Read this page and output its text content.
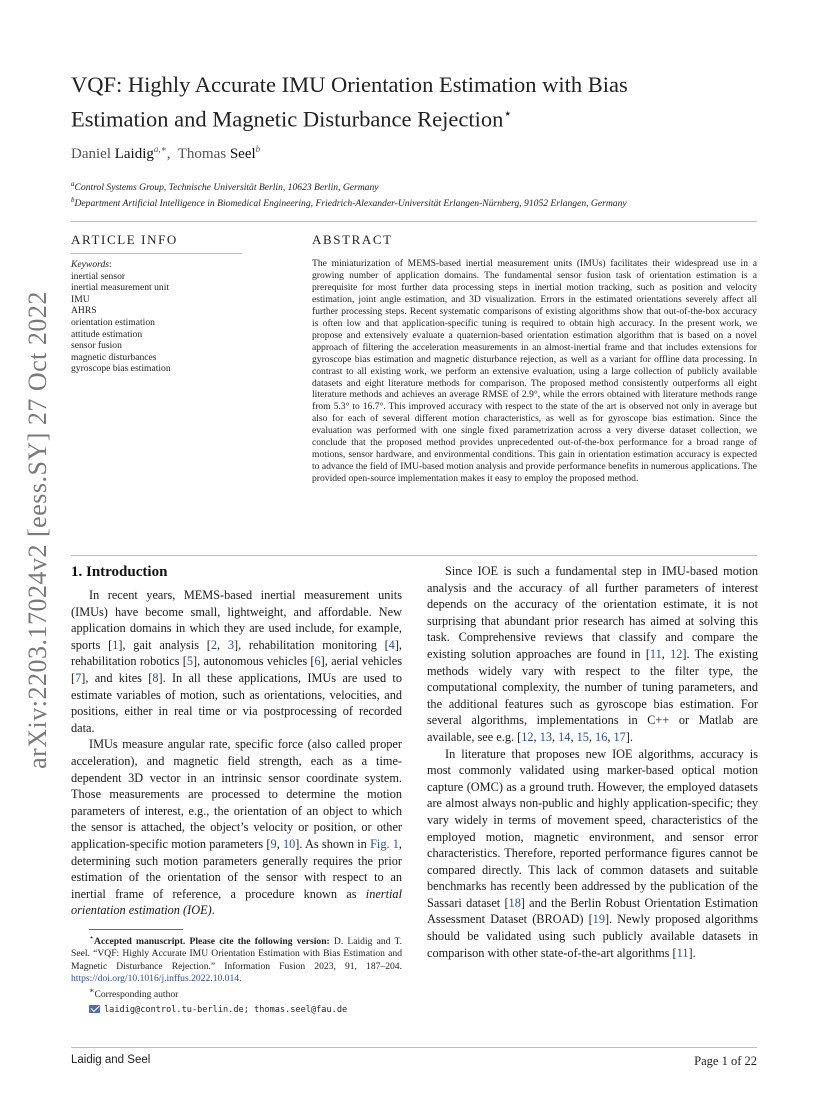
arXiv:2203.17024v2 [eess.SY] 27 Oct 2022
VQF: Highly Accurate IMU Orientation Estimation with Bias
Estimation and Magnetic Disturbance Rejection⋆
Daniel Laidig$^{a,∗}$,  Thomas Seel$^b$
$^a$Control Systems Group, Technische Universität Berlin, 10623 Berlin, Germany
$^b$Department Artificial Intelligence in Biomedical Engineering, Friedrich-Alexander-Universität Erlangen-Nürnberg, 91052 Erlangen, Germany
ARTICLE INFO
Keywords:
inertial sensor
inertial measurement unit
IMU
AHRS
orientation estimation
attitude estimation
sensor fusion
magnetic disturbances
gyroscope bias estimation
ABSTRACT

The miniaturization of MEMS-based inertial measurement units (IMUs) facilitates their widespread use in a growing number of application domains. The fundamental sensor fusion task of orientation estimation is a prerequisite for most further data processing steps in inertial motion tracking, such as position and velocity estimation, joint angle estimation, and 3D visualization. Errors in the estimated orientations severely affect all further processing steps. Recent systematic comparisons of existing algorithms show that out-of-the-box accuracy is often low and that application-specific tuning is required to obtain high accuracy. In the present work, we propose and extensively evaluate a quaternion-based orientation estimation algorithm that is based on a novel approach of filtering the acceleration measurements in an almost-inertial frame and that includes extensions for gyroscope bias estimation and magnetic disturbance rejection, as well as a variant for offline data processing. In contrast to all existing work, we perform an extensive evaluation, using a large collection of publicly available datasets and eight literature methods for comparison. The proposed method consistently outperforms all eight literature methods and achieves an average RMSE of 2.9°, while the errors obtained with literature methods range from 5.3° to 16.7°. This improved accuracy with respect to the state of the art is observed not only in average but also for each of several different motion characteristics, as well as for gyroscope bias estimation. Since the evaluation was performed with one single fixed parametrization across a very diverse dataset collection, we conclude that the proposed method provides unprecedented out-of-the-box performance for a broad range of motions, sensor hardware, and environmental conditions. This gain in orientation estimation accuracy is expected to advance the field of IMU-based motion analysis and provide performance benefits in numerous applications. The provided open-source implementation makes it easy to employ the proposed method.

1. Introduction

In recent years, MEMS-based inertial measurement units (IMUs) have become small, lightweight, and affordable. New application domains in which they are used include, for example, sports [1], gait analysis [2, 3], rehabilitation monitoring [4], rehabilitation robotics [5], autonomous vehicles [6], aerial vehicles [7], and kites [8]. In all these applications, IMUs are used to estimate variables of motion, such as orientations, velocities, and positions, either in real time or via postprocessing of recorded data.

IMUs measure angular rate, specific force (also called proper acceleration), and magnetic field strength, each as a time-dependent 3D vector in an intrinsic sensor coordinate system. Those measurements are processed to determine the motion parameters of interest, e.g., the orientation of an object to which the sensor is attached, the object’s velocity or position, or other application-specific motion parameters [9, 10]. As shown in Fig. 1, determining such motion parameters generally requires the prior estimation of the orientation of the sensor with respect to an inertial frame of reference, a procedure known as inertial orientation estimation (IOE).

⋆Accepted manuscript. Please cite the following version: D. Laidig and T. Seel. “VQF: Highly Accurate IMU Orientation Estimation with Bias Estimation and Magnetic Disturbance Rejection.” Information Fusion 2023, 91, 187–204. https://doi.org/10.1016/j.inffus.2022.10.014.

∗Corresponding author

laidig@control.tu-berlin.de; thomas.seel@fau.de

Since IOE is such a fundamental step in IMU-based motion analysis and the accuracy of all further parameters of interest depends on the accuracy of the orientation estimate, it is not surprising that abundant prior research has aimed at solving this task. Comprehensive reviews that classify and compare the existing solution approaches are found in [11, 12]. The existing methods widely vary with respect to the filter type, the computational complexity, the number of tuning parameters, and the additional features such as gyroscope bias estimation. For several algorithms, implementations in C++ or Matlab are available, see e.g. [12, 13, 14, 15, 16, 17].

In literature that proposes new IOE algorithms, accuracy is most commonly validated using marker-based optical motion capture (OMC) as a ground truth. However, the employed datasets are almost always non-public and highly application-specific; they vary widely in terms of movement speed, characteristics of the employed motion, magnetic environment, and sensor error characteristics. Therefore, reported performance figures cannot be compared directly. This lack of common datasets and suitable benchmarks has recently been addressed by the publication of the Sassari dataset [18] and the Berlin Robust Orientation Estimation Assessment Dataset (BROAD) [19]. Newly proposed algorithms should be validated using such publicly available datasets in comparison with other state-of-the-art algorithms [11].

Laidig and Seel	Page 1 of 22
